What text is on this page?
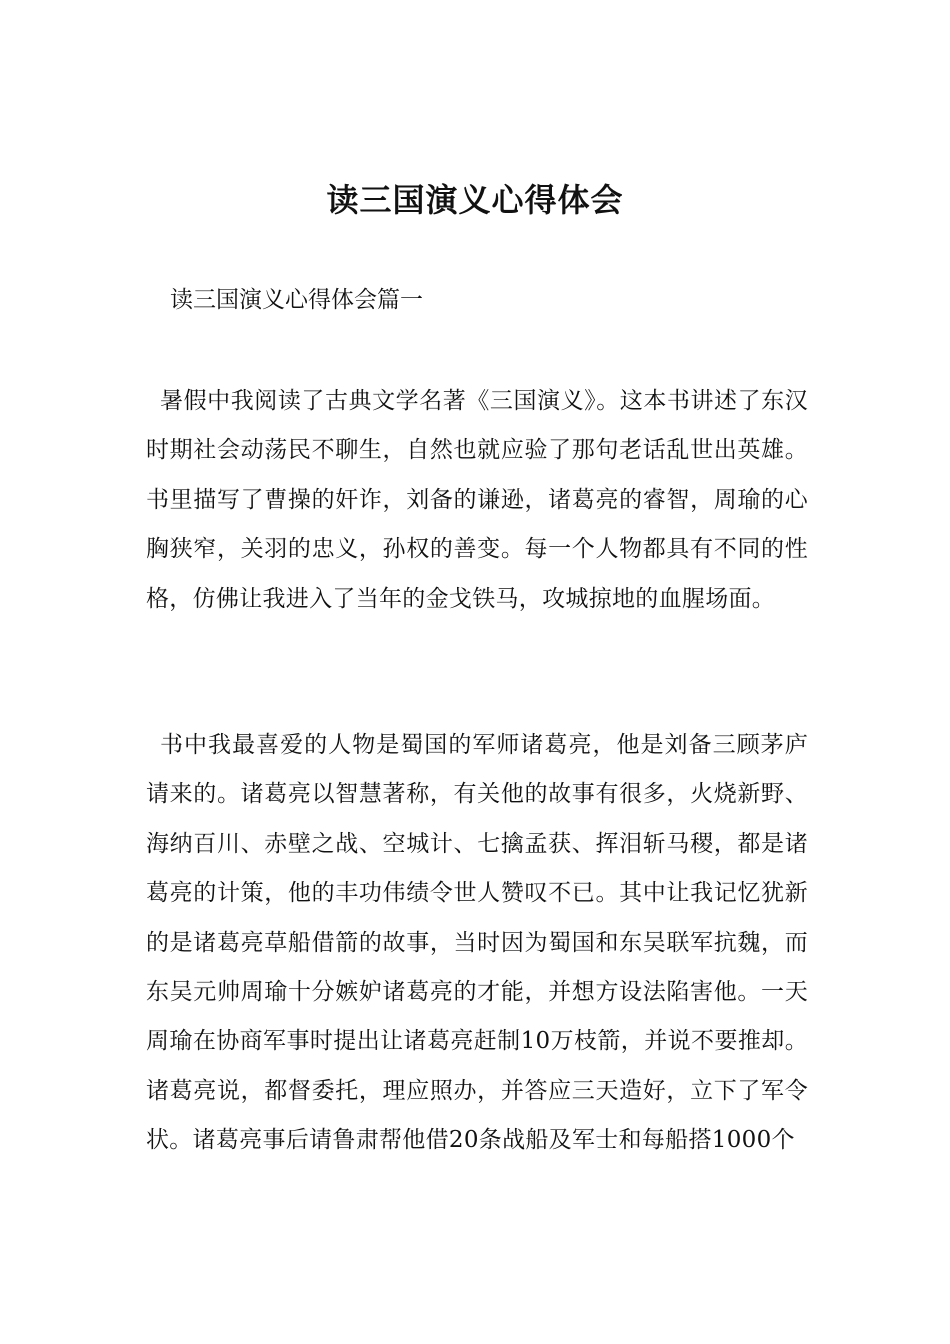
读三国演义心得体会
读三国演义心得体会篇一
暑假中我阅读了古典文学名著《三国演义》。这本书讲述了东汉时期社会动荡民不聊生，自然也就应验了那句老话乱世出英雄。书里描写了曹操的奸诈，刘备的谦逊，诸葛亮的睿智，周瑜的心胸狭窄，关羽的忠义，孙权的善变。每一个人物都具有不同的性格，仿佛让我进入了当年的金戈铁马，攻城掠地的血腥场面。
书中我最喜爱的人物是蜀国的军师诸葛亮，他是刘备三顾茅庐请来的。诸葛亮以智慧著称，有关他的故事有很多，火烧新野、海纳百川、赤壁之战、空城计、七擒孟获、挥泪斩马稷，都是诸葛亮的计策，他的丰功伟绩令世人赞叹不已。其中让我记忆犹新的是诸葛亮草船借箭的故事，当时因为蜀国和东吴联军抗魏，而东吴元帅周瑜十分嫉妒诸葛亮的才能，并想方设法陷害他。一天周瑜在协商军事时提出让诸葛亮赶制10万枝箭，并说不要推却。诸葛亮说，都督委托，理应照办，并答应三天造好，立下了军令状。诸葛亮事后请鲁肃帮他借20条战船及军士和每船搭1000个
